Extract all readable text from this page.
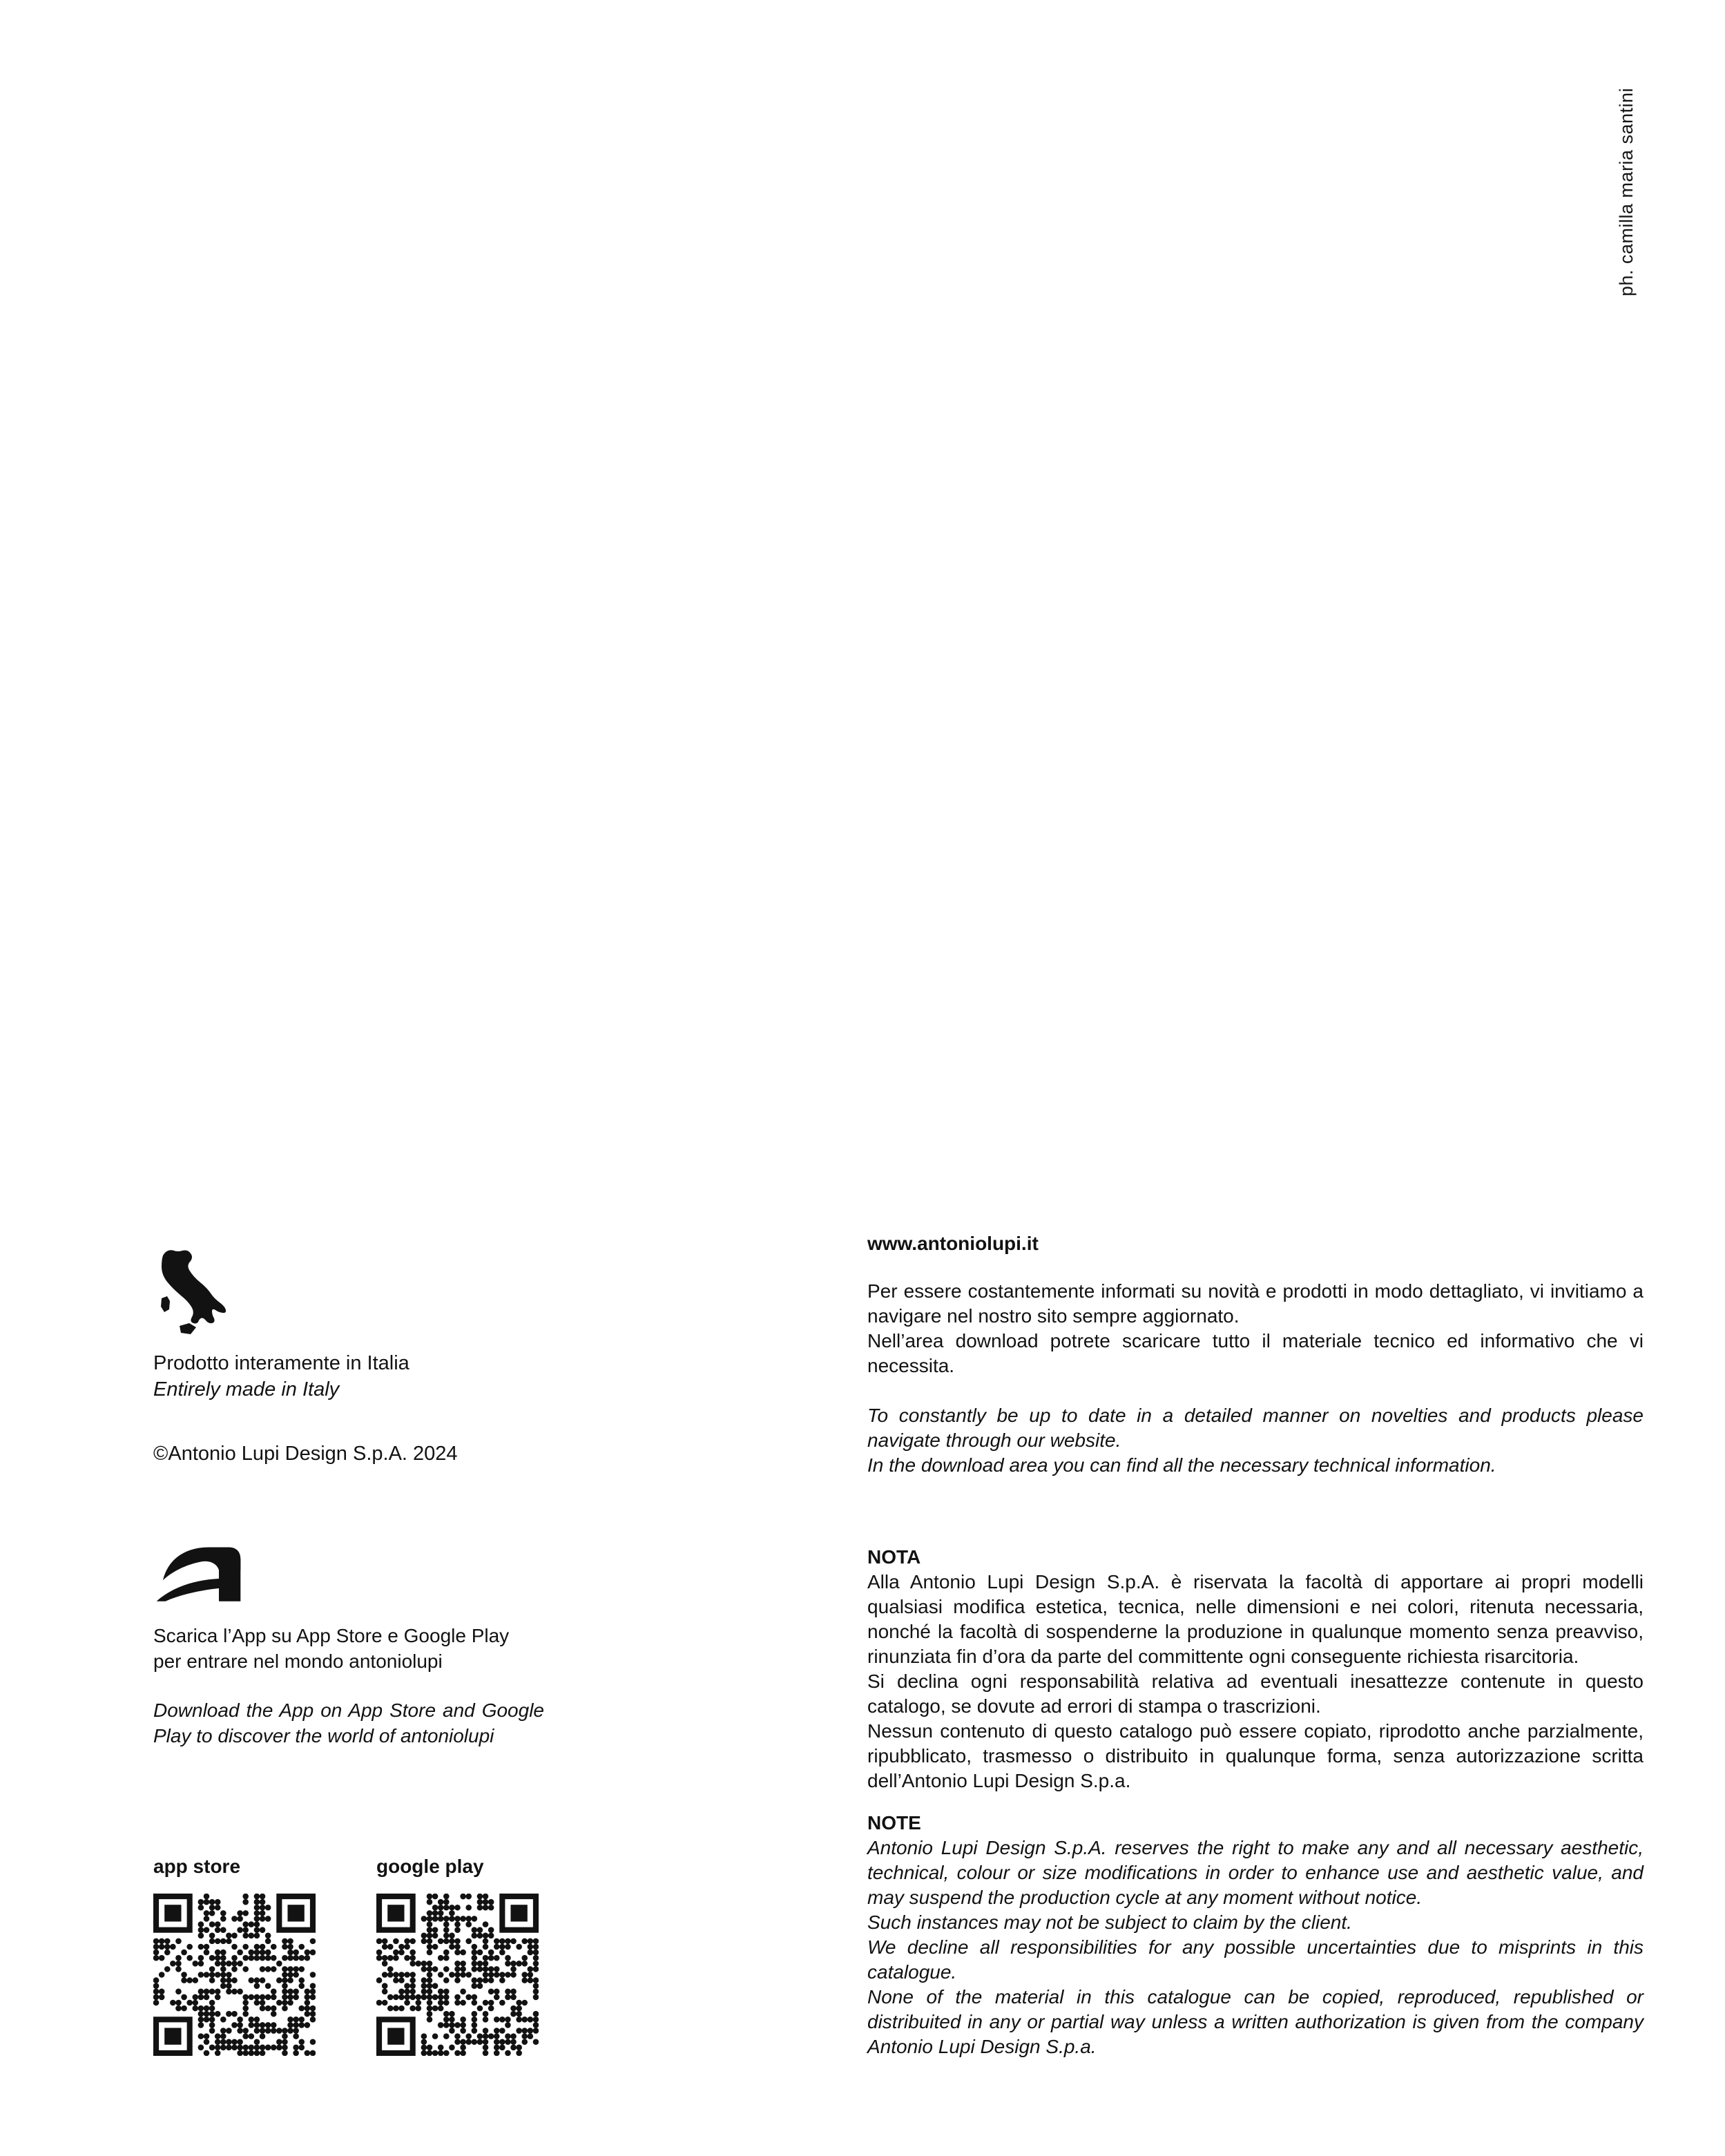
ph. camilla maria santini
Prodotto interamente in Italia
Entirely made in Italy
©Antonio Lupi Design S.p.A. 2024
Scarica l’App su App Store e Google Play
per entrare nel mondo antoniolupi
Download the App on App Store and Google Play to discover the world of antoniolupi
app store	google play

www.antoniolupi.it

Per essere costantemente informati su novità e prodotti in modo dettagliato, vi invitiamo a navigare nel nostro sito sempre aggiornato.

Nell’area download potrete scaricare tutto il materiale tecnico ed informativo che vi necessita.

To constantly be up to date in a detailed manner on novelties and products please navigate through our website.

In the download area you can find all the necessary technical information.

NOTA

Alla Antonio Lupi Design S.p.A. è riservata la facoltà di apportare ai propri modelli qualsiasi modifica estetica, tecnica, nelle dimensioni e nei colori, ritenuta necessaria, nonché la facoltà di sospenderne la produzione in qualunque momento senza preavviso, rinunziata fin d’ora da parte del committente ogni conseguente richiesta risarcitoria.

Si declina ogni responsabilità relativa ad eventuali inesattezze contenute in questo catalogo, se dovute ad errori di stampa o trascrizioni.

Nessun contenuto di questo catalogo può essere copiato, riprodotto anche parzialmente, ripubblicato, trasmesso o distribuito in qualunque forma, senza autorizzazione scritta dell’Antonio Lupi Design S.p.a.

NOTE

Antonio Lupi Design S.p.A. reserves the right to make any and all necessary aesthetic, technical, colour or size modifications in order to enhance use and aesthetic value, and may suspend the production cycle at any moment without notice.

Such instances may not be subject to claim by the client.

We decline all responsibilities for any possible uncertainties due to misprints in this catalogue.

None of the material in this catalogue can be copied, reproduced, republished or distribuited in any or partial way unless a written authorization is given from the company Antonio Lupi Design S.p.a.
